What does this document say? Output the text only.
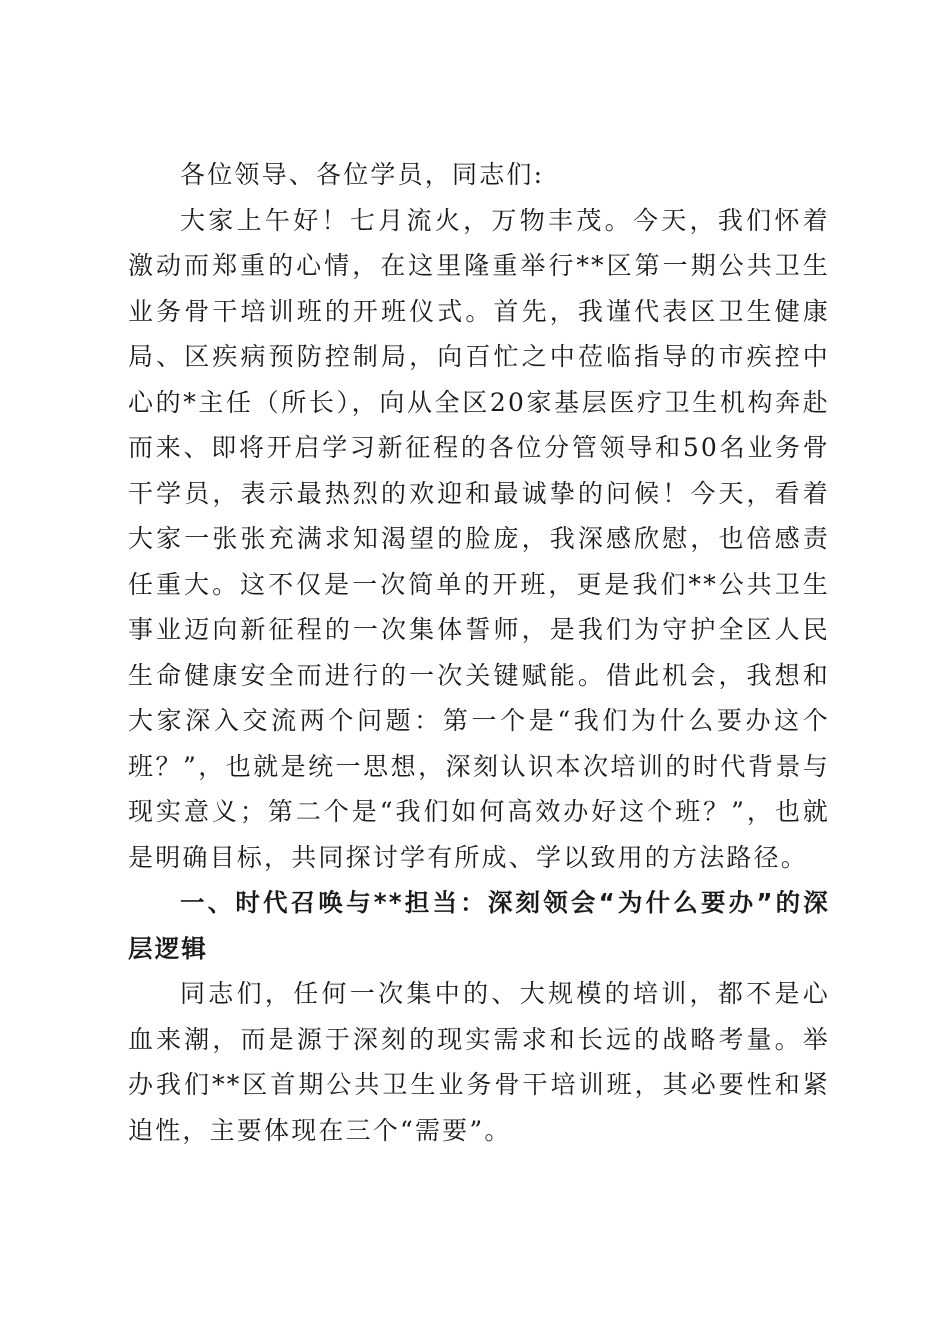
各位领导、各位学员，同志们:

大家上午好！七月流火，万物丰茂。今天，我们怀着激动而郑重的心情，在这里隆重举行**区第一期公共卫生业务骨干培训班的开班仪式。首先，我谨代表区卫生健康局、区疾病预防控制局，向百忙之中莅临指导的市疾控中心的*主任（所长），向从全区20家基层医疗卫生机构奔赴而来、即将开启学习新征程的各位分管领导和50名业务骨干学员，表示最热烈的欢迎和最诚挚的问候！今天，看着大家一张张充满求知渴望的脸庞，我深感欣慰，也倍感责任重大。这不仅是一次简单的开班，更是我们**公共卫生事业迈向新征程的一次集体誓师，是我们为守护全区人民生命健康安全而进行的一次关键赋能。借此机会，我想和大家深入交流两个问题：第一个是“我们为什么要办这个班？”，也就是统一思想，深刻认识本次培训的时代背景与现实意义；第二个是“我们如何高效办好这个班？”，也就是明确目标，共同探讨学有所成、学以致用的方法路径。

一、时代召唤与**担当：深刻领会“为什么要办”的深层逻辑

同志们，任何一次集中的、大规模的培训，都不是心血来潮，而是源于深刻的现实需求和长远的战略考量。举办我们**区首期公共卫生业务骨干培训班，其必要性和紧迫性，主要体现在三个“需要”。
